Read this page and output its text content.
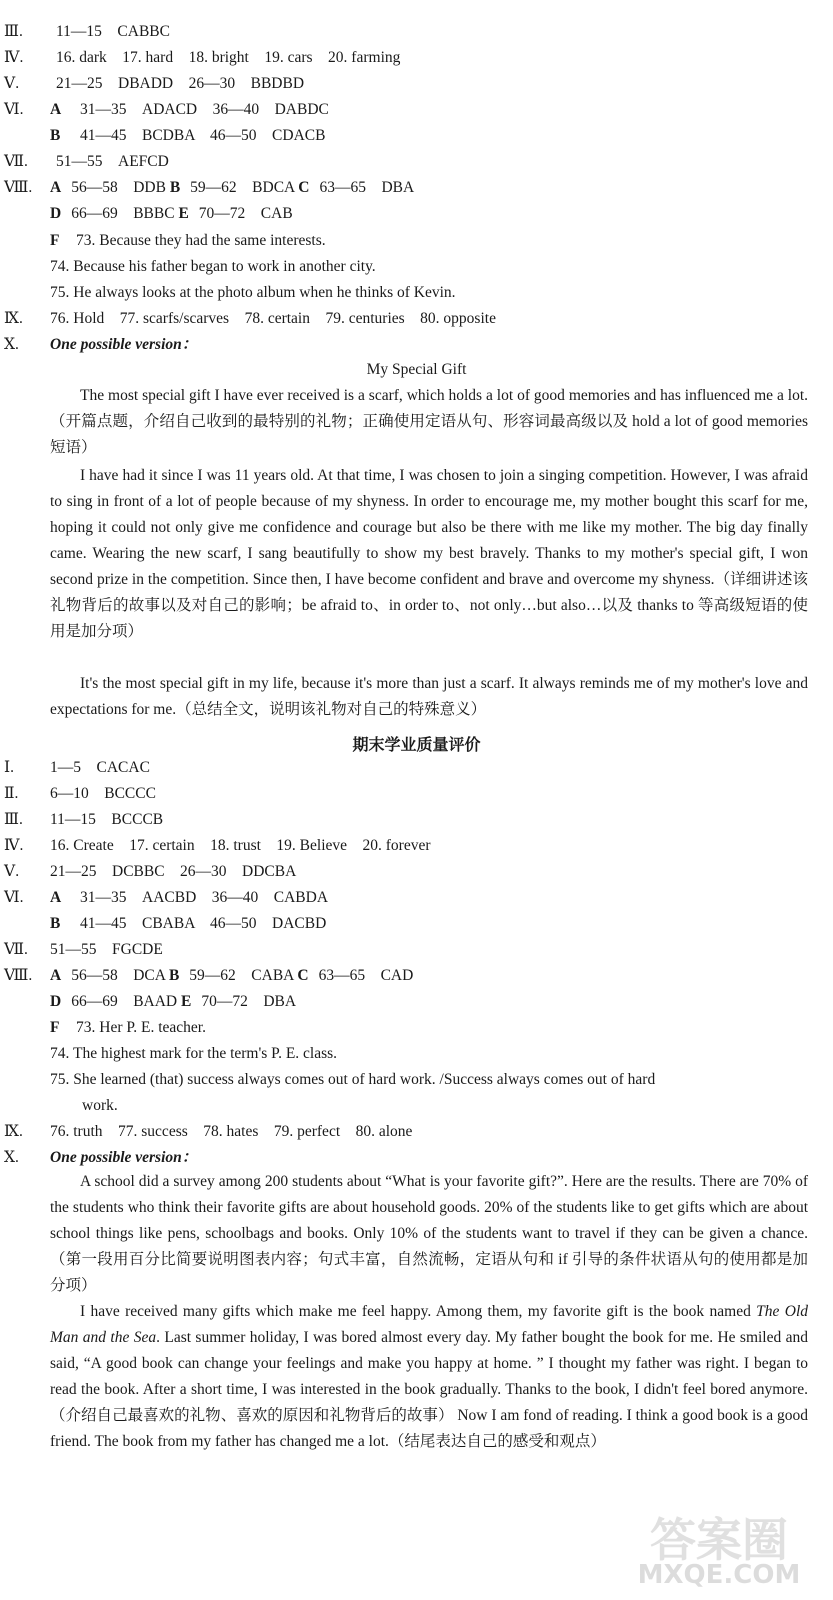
Ⅲ. 11—15　CABBC
Ⅳ. 16. dark　17. hard　18. bright　19. cars　20. farming
Ⅴ. 21—25　DBADD　26—30　BBDBD
Ⅵ. A 31—35　ADACD　36—40　DABDC
B 41—45　BCDBA　46—50　CDACB
Ⅶ. 51—55　AEFCD
Ⅷ. A 56—58　DDB B 59—62　BDCA C 63—65　DBA
D 66—69　BBBC E 70—72　CAB
F 73. Because they had the same interests.
74. Because his father began to work in another city.
75. He always looks at the photo album when he thinks of Kevin.
Ⅸ. 76. Hold　77. scarfs/scarves　78. certain　79. centuries　80. opposite
Ⅹ. One possible version：
My Special Gift
The most special gift I have ever received is a scarf, which holds a lot of good memories and has influenced me a lot.（开篇点题，介绍自己收到的最特别的礼物；正确使用定语从句、形容词最高级以及 hold a lot of good memories 短语）
I have had it since I was 11 years old. At that time, I was chosen to join a singing competition. However, I was afraid to sing in front of a lot of people because of my shyness. In order to encourage me, my mother bought this scarf for me, hoping it could not only give me confidence and courage but also be there with me like my mother. The big day finally came. Wearing the new scarf, I sang beautifully to show my best bravely. Thanks to my mother's special gift, I won second prize in the competition. Since then, I have become confident and brave and overcome my shyness.（详细讲述该礼物背后的故事以及对自己的影响；be afraid to、in order to、not only…but also…以及 thanks to 等高级短语的使用是加分项）
It's the most special gift in my life, because it's more than just a scarf. It always reminds me of my mother's love and expectations for me.（总结全文，说明该礼物对自己的特殊意义）
期末学业质量评价
Ⅰ. 1—5　CACAC
Ⅱ. 6—10　BCCCC
Ⅲ. 11—15　BCCCB
Ⅳ. 16. Create　17. certain　18. trust　19. Believe　20. forever
Ⅴ. 21—25　DCBBC　26—30　DDCBA
Ⅵ. A 31—35　AACBD　36—40　CABDA
B 41—45　CBABA　46—50　DACBD
Ⅶ. 51—55　FGCDE
Ⅷ. A 56—58　DCA B 59—62　CABA C 63—65　CAD
D 66—69　BAAD E 70—72　DBA
F 73. Her P. E. teacher.
74. The highest mark for the term's P. E. class.
75. She learned (that) success always comes out of hard work. /Success always comes out of hard
work.
Ⅸ. 76. truth　77. success　78. hates　79. perfect　80. alone
Ⅹ. One possible version：
A school did a survey among 200 students about “What is your favorite gift?”. Here are the results. There are 70% of the students who think their favorite gifts are about household goods. 20% of the students like to get gifts which are about school things like pens, schoolbags and books. Only 10% of the students want to travel if they can be given a chance.（第一段用百分比简要说明图表内容；句式丰富，自然流畅，定语从句和 if 引导的条件状语从句的使用都是加分项）
I have received many gifts which make me feel happy. Among them, my favorite gift is the book named The Old Man and the Sea. Last summer holiday, I was bored almost every day. My father bought the book for me. He smiled and said, “A good book can change your feelings and make you happy at home. ” I thought my father was right. I began to read the book. After a short time, I was interested in the book gradually. Thanks to the book, I didn't feel bored anymore.（介绍自己最喜欢的礼物、喜欢的原因和礼物背后的故事） Now I am fond of reading. I think a good book is a good friend. The book from my father has changed me a lot.（结尾表达自己的感受和观点）
答案圈
MXQE.COM
